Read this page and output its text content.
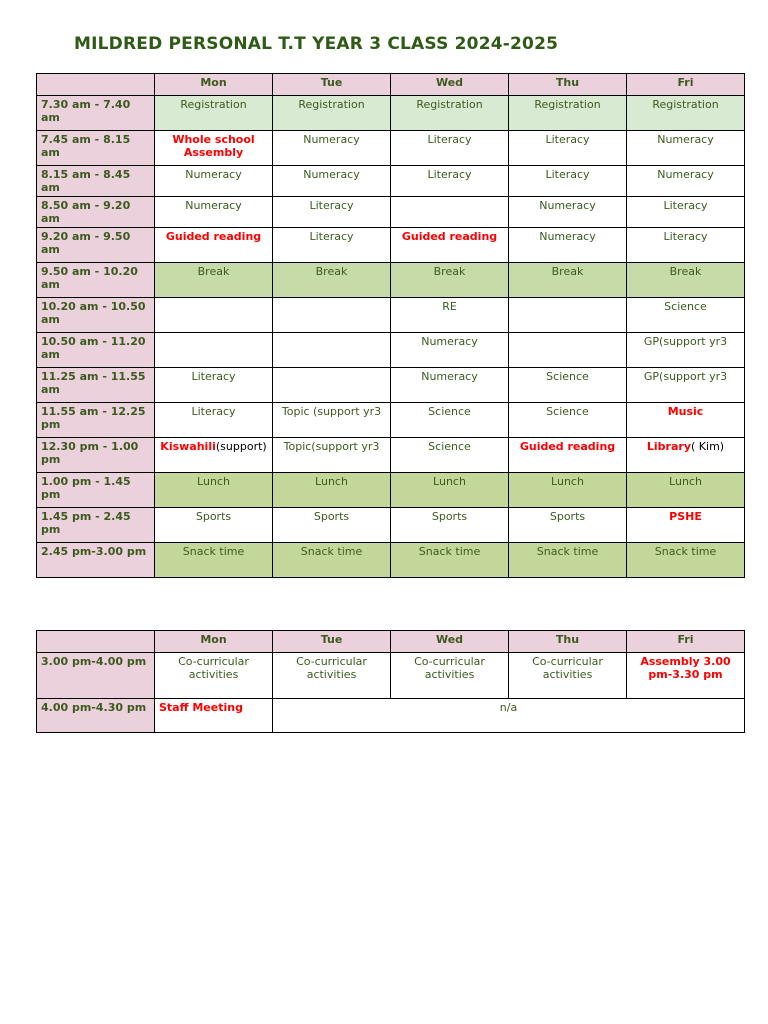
MILDRED PERSONAL T.T YEAR 3 CLASS 2024-2025
	Mon	Tue	Wed	Thu	Fri
7.30 am - 7.40 am	Registration	Registration	Registration	Registration	Registration
7.45 am - 8.15 am	Whole school Assembly	Numeracy	Literacy	Literacy	Numeracy
8.15 am - 8.45 am	Numeracy	Numeracy	Literacy	Literacy	Numeracy
8.50 am - 9.20 am	Numeracy	Literacy		Numeracy	Literacy
9.20 am - 9.50 am	Guided reading	Literacy	Guided reading	Numeracy	Literacy
9.50 am - 10.20 am	Break	Break	Break	Break	Break
10.20 am - 10.50 am			RE		Science
10.50 am - 11.20 am			Numeracy		GP(support yr3
11.25 am - 11.55 am	Literacy		Numeracy	Science	GP(support yr3
11.55 am - 12.25 pm	Literacy	Topic (support yr3	Science	Science	Music
12.30 pm - 1.00 pm	Kiswahili(support)	Topic(support yr3	Science	Guided reading	Library( Kim)
1.00 pm - 1.45 pm	Lunch	Lunch	Lunch	Lunch	Lunch
1.45 pm - 2.45 pm	Sports	Sports	Sports	Sports	PSHE
2.45 pm-3.00 pm	Snack time	Snack time	Snack time	Snack time	Snack time
	Mon	Tue	Wed	Thu	Fri
3.00 pm-4.00 pm	Co-curricular activities	Co-curricular activities	Co-curricular activities	Co-curricular activities	Assembly 3.00 pm-3.30 pm
4.00 pm-4.30 pm	Staff Meeting	n/a			
